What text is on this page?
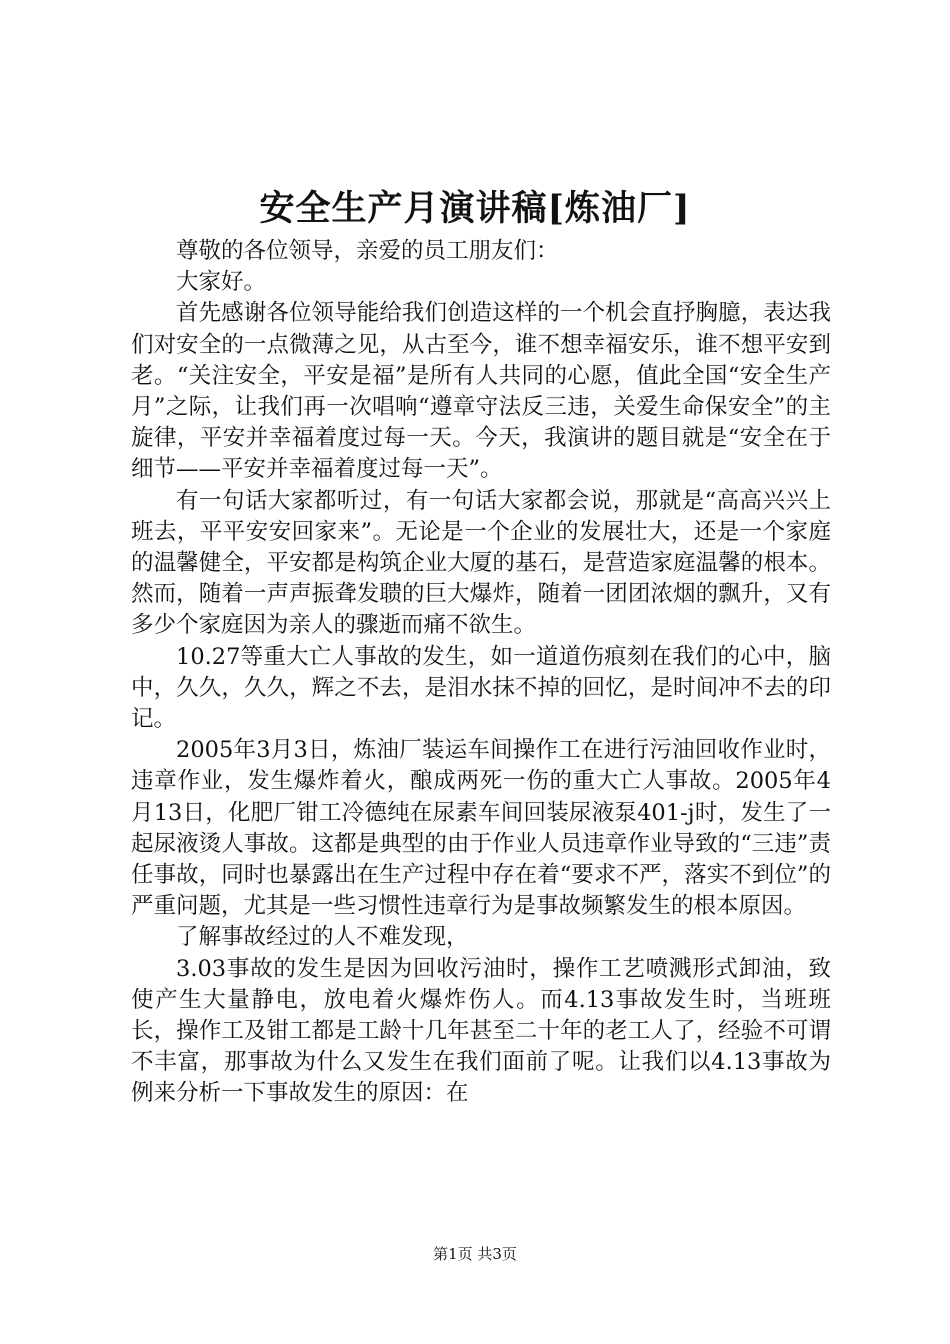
安全生产月演讲稿[炼油厂]

尊敬的各位领导，亲爱的员工朋友们：

大家好。

首先感谢各位领导能给我们创造这样的一个机会直抒胸臆，表达我们对安全的一点微薄之见，从古至今，谁不想幸福安乐，谁不想平安到老。“关注安全，平安是福”是所有人共同的心愿，值此全国“安全生产月”之际，让我们再一次唱响“遵章守法反三违，关爱生命保安全”的主旋律，平安并幸福着度过每一天。今天，我演讲的题目就是“安全在于细节——平安并幸福着度过每一天”。

有一句话大家都听过，有一句话大家都会说，那就是“高高兴兴上班去，平平安安回家来”。无论是一个企业的发展壮大，还是一个家庭的温馨健全，平安都是构筑企业大厦的基石，是营造家庭温馨的根本。然而，随着一声声振聋发聩的巨大爆炸，随着一团团浓烟的飘升，又有多少个家庭因为亲人的骤逝而痛不欲生。

10.27等重大亡人事故的发生，如一道道伤痕刻在我们的心中，脑中，久久，久久，辉之不去，是泪水抹不掉的回忆，是时间冲不去的印记。

2005年3月3日，炼油厂装运车间操作工在进行污油回收作业时，违章作业，发生爆炸着火，酿成两死一伤的重大亡人事故。2005年4月13日，化肥厂钳工冷德纯在尿素车间回装尿液泵401-j时，发生了一起尿液烫人事故。这都是典型的由于作业人员违章作业导致的“三违”责任事故，同时也暴露出在生产过程中存在着“要求不严，落实不到位”的严重问题，尤其是一些习惯性违章行为是事故频繁发生的根本原因。

了解事故经过的人不难发现，

3.03事故的发生是因为回收污油时，操作工艺喷溅形式卸油，致使产生大量静电，放电着火爆炸伤人。而4.13事故发生时，当班班长，操作工及钳工都是工龄十几年甚至二十年的老工人了，经验不可谓不丰富，那事故为什么又发生在我们面前了呢。让我们以4.13事故为例来分析一下事故发生的原因：在

第1页 共3页
